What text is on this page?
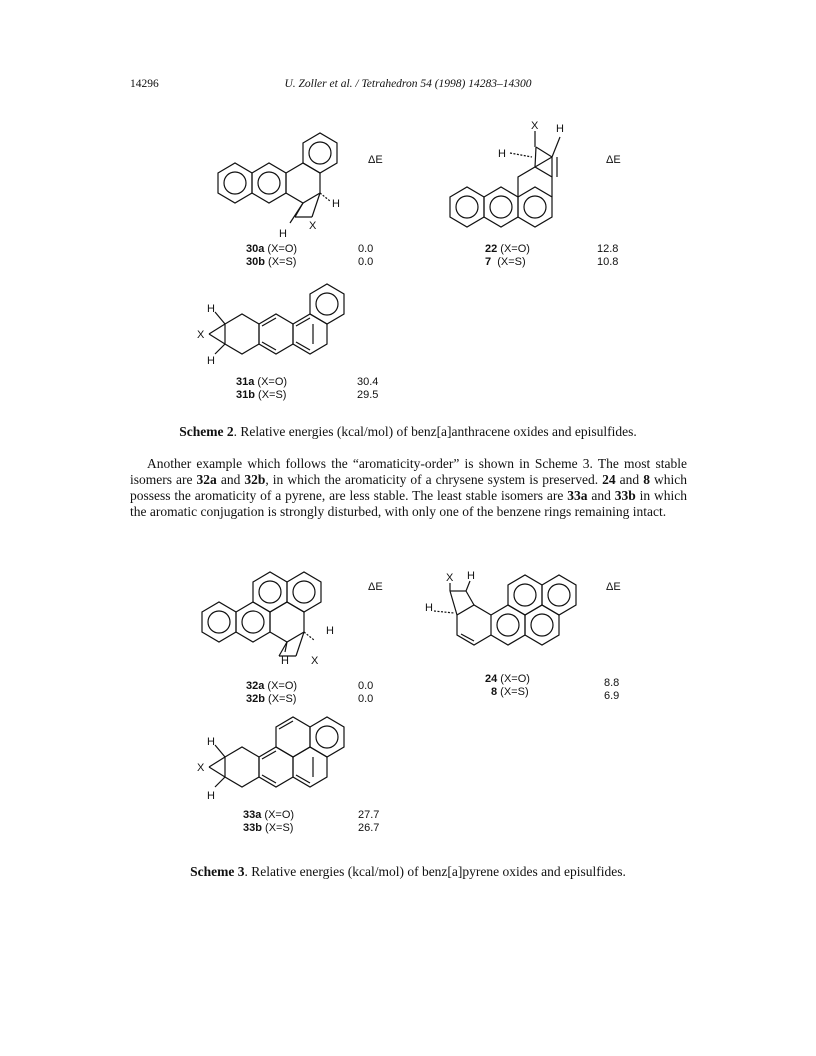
14296	U. Zoller et al. / Tetrahedron 54 (1998) 14283–14300
H
H
X
ΔE
30a (X=O)
30b (X=S)
0.0
0.0
X H
H	ΔE
22 (X=O)
7  (X=S)
12.8
10.8
H
X
H
31a (X=O)
31b (X=S)
30.4
29.5
Scheme 2. Relative energies (kcal/mol) of benz[a]anthracene oxides and episulfides.
Another example which follows the “aromaticity-order” is shown in Scheme 3. The most stable isomers are 32a and 32b, in which the aromaticity of a chrysene system is preserved. 24 and 8 which possess the aromaticity of a pyrene, are less stable. The least stable isomers are 33a and 33b in which the aromatic conjugation is strongly disturbed, with only one of the benzene rings remaining intact.
H
H X
ΔE
32a (X=O)
32b (X=S)
0.0
0.0
X H
H
ΔE
24 (X=O)
8 (X=S)
8.8
6.9
H
X
H
33a (X=O)
33b (X=S)
27.7
26.7
Scheme 3. Relative energies (kcal/mol) of benz[a]pyrene oxides and episulfides.
